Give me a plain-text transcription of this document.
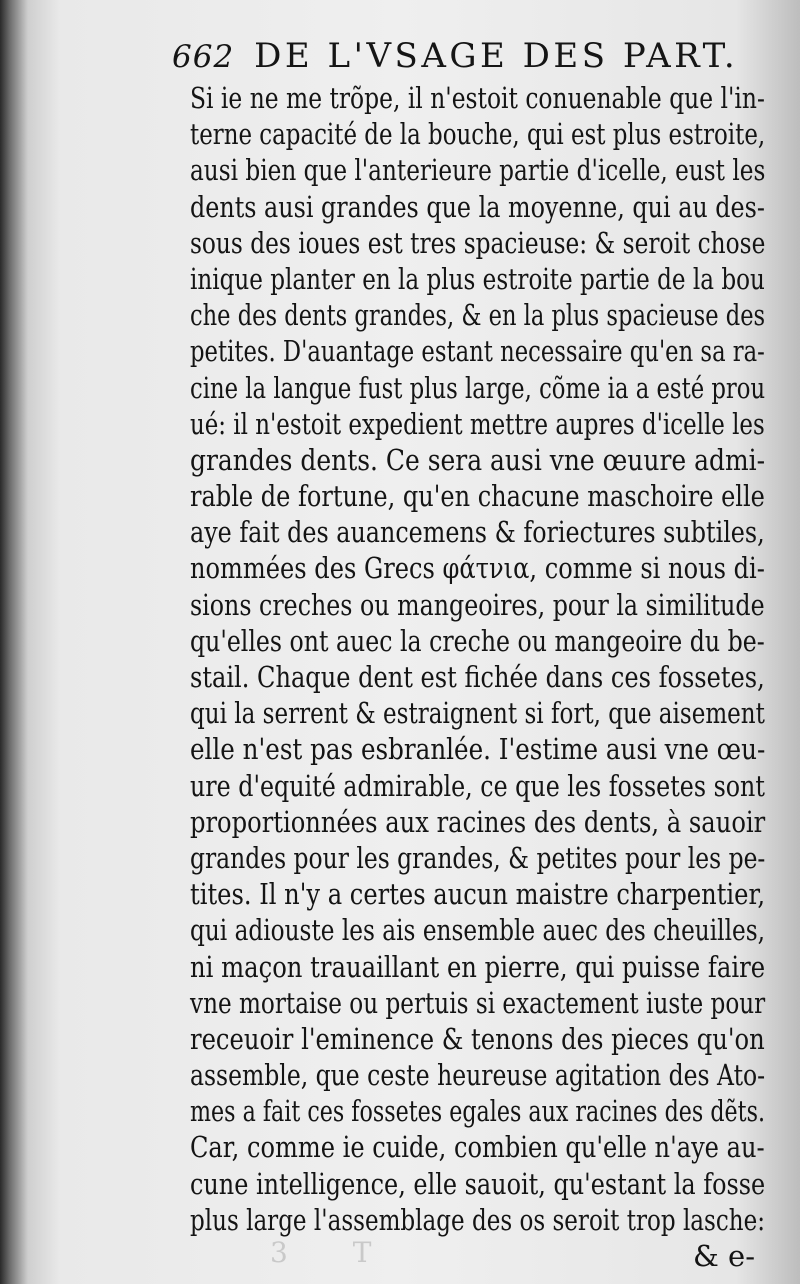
662 DE L'VSAGE DES PART.
Si ie ne me trõpe, il n'estoit conuenable que l'in-
terne capacité de la bouche, qui est plus estroite,
ausi bien que l'anterieure partie d'icelle, eust les
dents ausi grandes que la moyenne, qui au des-
sous des ioues est tres spacieuse: & seroit chose
inique planter en la plus estroite partie de la bou
che des dents grandes, & en la plus spacieuse des
petites. D'auantage estant necessaire qu'en sa ra-
cine la langue fust plus large, cõme ia a esté prou
ué: il n'estoit expedient mettre aupres d'icelle les
grandes dents. Ce sera ausi vne œuure admi-
rable de fortune, qu'en chacune maschoire elle
aye fait des auancemens & foriectures subtiles,
nommées des Grecs φάτνια, comme si nous di-
sions creches ou mangeoires, pour la similitude
qu'elles ont auec la creche ou mangeoire du be-
stail. Chaque dent est fichée dans ces fossetes,
qui la serrent & estraignent si fort, que aisement
elle n'est pas esbranlée. I'estime ausi vne œu-
ure d'equité admirable, ce que les fossetes sont
proportionnées aux racines des dents, à sauoir
grandes pour les grandes, & petites pour les pe-
tites. Il n'y a certes aucun maistre charpentier,
qui adiouste les ais ensemble auec des cheuilles,
ni maçon trauaillant en pierre, qui puisse faire
vne mortaise ou pertuis si exactement iuste pour
receuoir l'eminence & tenons des pieces qu'on
assemble, que ceste heureuse agitation des Ato-
mes a fait ces fossetes egales aux racines des dẽts.
Car, comme ie cuide, combien qu'elle n'aye au-
cune intelligence, elle sauoit, qu'estant la fosse
plus large l'assemblage des os seroit trop lasche:
& e-
3 T
